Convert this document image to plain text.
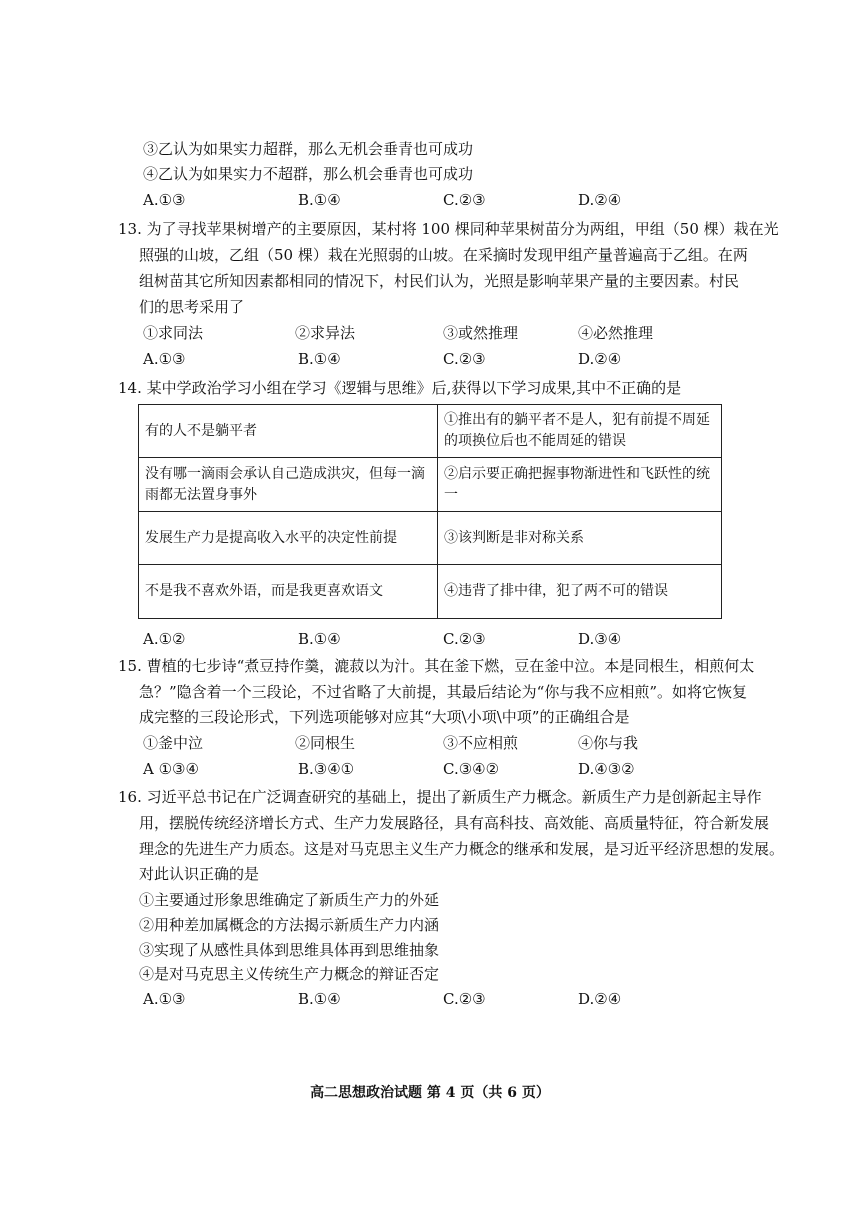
③乙认为如果实力超群，那么无机会垂青也可成功
④乙认为如果实力不超群，那么机会垂青也可成功
A.①③	B.①④	C.②③	D.②④
13. 为了寻找苹果树增产的主要原因，某村将 100 棵同种苹果树苗分为两组，甲组（50 棵）栽在光
照强的山坡，乙组（50 棵）栽在光照弱的山坡。在采摘时发现甲组产量普遍高于乙组。在两
组树苗其它所知因素都相同的情况下，村民们认为，光照是影响苹果产量的主要因素。村民
们的思考采用了
①求同法	②求异法	③或然推理	④必然推理
A.①③	B.①④	C.②③	D.②④
14. 某中学政治学习小组在学习《逻辑与思维》后,获得以下学习成果,其中不正确的是
有的人不是躺平者	①推出有的躺平者不是人，犯有前提不周延的项换位后也不能周延的错误
没有哪一滴雨会承认自己造成洪灾，但每一滴雨都无法置身事外	②启示要正确把握事物渐进性和飞跃性的统一
发展生产力是提高收入水平的决定性前提	③该判断是非对称关系
不是我不喜欢外语，而是我更喜欢语文	④违背了排中律，犯了两不可的错误
A.①②	B.①④	C.②③	D.③④
15. 曹植的七步诗“煮豆持作羹，漉菽以为汁。其在釜下燃，豆在釜中泣。本是同根生，相煎何太
急？”隐含着一个三段论，不过省略了大前提，其最后结论为“你与我不应相煎”。如将它恢复
成完整的三段论形式，下列选项能够对应其“大项\小项\中项”的正确组合是
①釜中泣	②同根生	③不应相煎	④你与我
A ①③④	B.③④①	C.③④②	D.④③②
16. 习近平总书记在广泛调查研究的基础上，提出了新质生产力概念。新质生产力是创新起主导作
用，摆脱传统经济增长方式、生产力发展路径，具有高科技、高效能、高质量特征，符合新发展
理念的先进生产力质态。这是对马克思主义生产力概念的继承和发展，是习近平经济思想的发展。
对此认识正确的是
①主要通过形象思维确定了新质生产力的外延
②用种差加属概念的方法揭示新质生产力内涵
③实现了从感性具体到思维具体再到思维抽象
④是对马克思主义传统生产力概念的辩证否定
A.①③	B.①④	C.②③	D.②④
高二思想政治试题 第 4 页（共 6 页）
